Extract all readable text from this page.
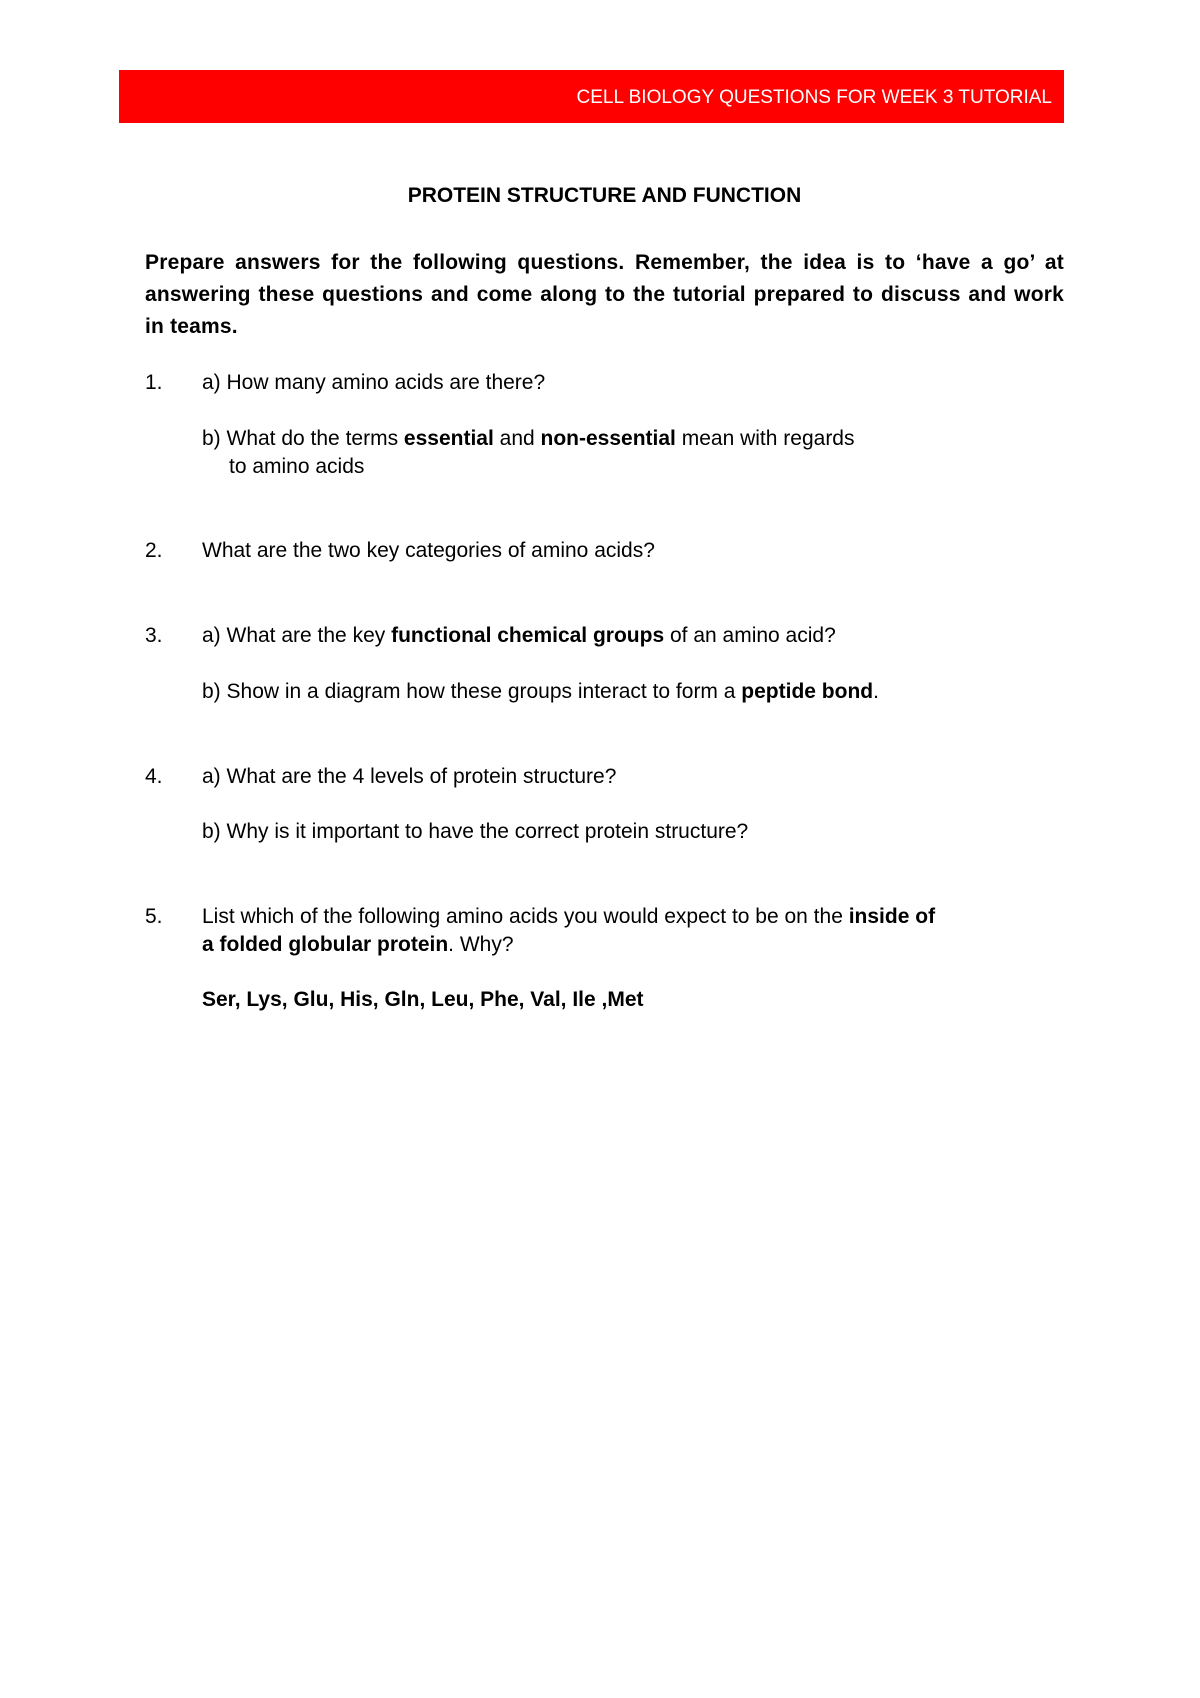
CELL BIOLOGY QUESTIONS FOR WEEK 3 TUTORIAL
PROTEIN STRUCTURE AND FUNCTION
Prepare answers for the following questions. Remember, the idea is to ‘have a go’ at answering these questions and come along to the tutorial prepared to discuss and work in teams.
1. a) How many amino acids are there?
b) What do the terms essential and non-essential mean with regards
to amino acids
2. What are the two key categories of amino acids?
3. a) What are the key functional chemical groups of an amino acid?
b) Show in a diagram how these groups interact to form a peptide bond.
4. a) What are the 4 levels of protein structure?
b) Why is it important to have the correct protein structure?
5. List which of the following amino acids you would expect to be on the inside of
a folded globular protein. Why?
Ser, Lys, Glu, His, Gln, Leu, Phe, Val, Ile ,Met
